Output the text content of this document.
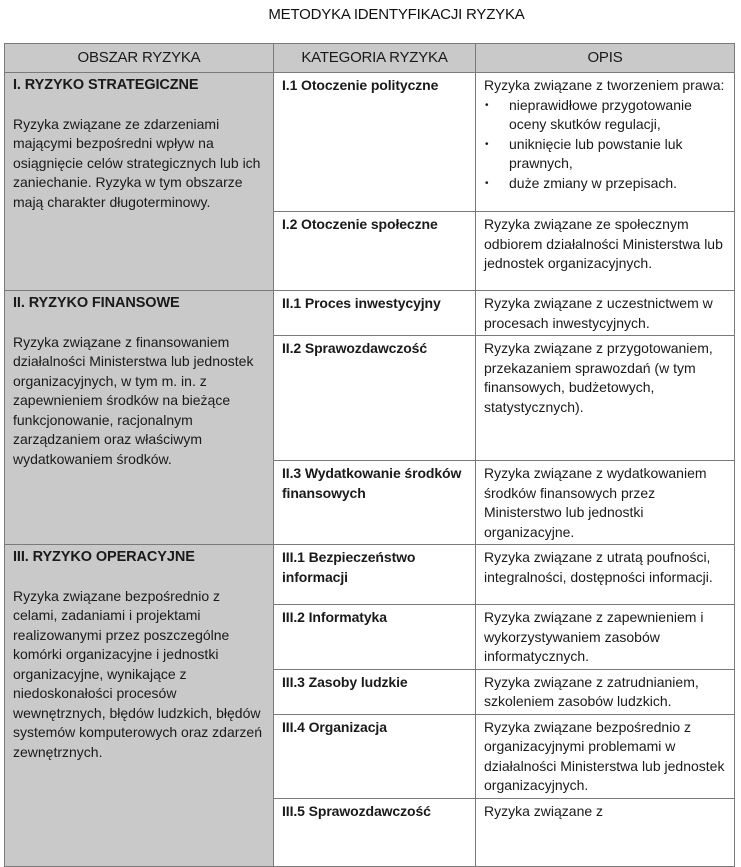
METODYKA IDENTYFIKACJI RYZYKA
OBSZAR RYZYKA	KATEGORIA RYZYKA	OPIS

I. RYZYKO STRATEGICZNE
Ryzyka związane ze zdarzeniami mającymi bezpośredni wpływ na osiągnięcie celów strategicznych lub ich zaniechanie. Ryzyka w tym obszarze mają charakter długoterminowy.
	I.1 Otoczenie polityczne	Ryzyka związane z tworzeniem prawa:
• nieprawidłowe przygotowanie oceny skutków regulacji,
• uniknięcie lub powstanie luk prawnych,
• duże zmiany w przepisach.

	I.2 Otoczenie społeczne	Ryzyka związane ze społecznym odbiorem działalności Ministerstwa lub jednostek organizacyjnych.

II. RYZYKO FINANSOWE
Ryzyka związane z finansowaniem działalności Ministerstwa lub jednostek organizacyjnych, w tym m. in. z zapewnieniem środków na bieżące funkcjonowanie, racjonalnym zarządzaniem oraz właściwym wydatkowaniem środków.	II.1 Proces inwestycyjny	Ryzyka związane z uczestnictwem w procesach inwestycyjnych.
	II.2 Sprawozdawczość	Ryzyka związane z przygotowaniem, przekazaniem sprawozdań (w tym finansowych, budżetowych, statystycznych).
	II.3 Wydatkowanie środków finansowych	Ryzyka związane z wydatkowaniem środków finansowych przez Ministerstwo lub jednostki organizacyjne.

III. RYZYKO OPERACYJNE
Ryzyka związane bezpośrednio z celami, zadaniami i projektami realizowanymi przez poszczególne komórki organizacyjne i jednostki organizacyjne, wynikające z niedoskonałości procesów wewnętrznych, błędów ludzkich, błędów systemów komputerowych oraz zdarzeń zewnętrznych.	III.1 Bezpieczeństwo informacji	Ryzyka związane z utratą poufności, integralności, dostępności informacji.
	III.2 Informatyka	Ryzyka związane z zapewnieniem i wykorzystywaniem zasobów informatycznych.
	III.3 Zasoby ludzkie	Ryzyka związane z zatrudnianiem, szkoleniem zasobów ludzkich.
	III.4 Organizacja	Ryzyka związane bezpośrednio z organizacyjnymi problemami w działalności Ministerstwa lub jednostek organizacyjnych.
	III.5 Sprawozdawczość	Ryzyka związane z
